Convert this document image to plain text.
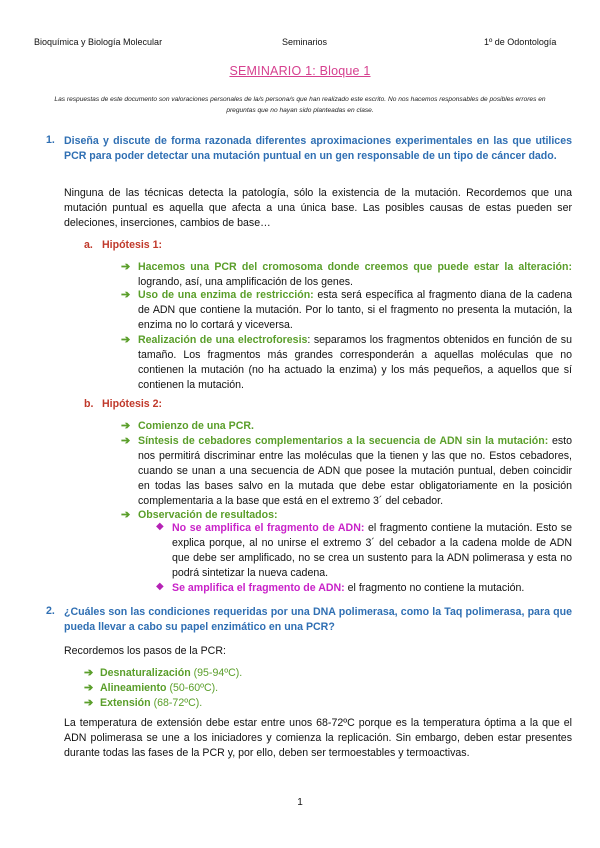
Bioquímica y Biología Molecular	Seminarios	1º de Odontología
SEMINARIO 1: Bloque 1
Las respuestas de este documento son valoraciones personales de la/s persona/s que han realizado este escrito. No nos hacemos responsables de posibles errores en preguntas que no hayan sido planteadas en clase.
1. Diseña y discute de forma razonada diferentes aproximaciones experimentales en las que utilices PCR para poder detectar una mutación puntual en un gen responsable de un tipo de cáncer dado.
Ninguna de las técnicas detecta la patología, sólo la existencia de la mutación. Recordemos que una mutación puntual es aquella que afecta a una única base. Las posibles causas de estas pueden ser deleciones, inserciones, cambios de base…
a. Hipótesis 1:
➔ Hacemos una PCR del cromosoma donde creemos que puede estar la alteración: logrando, así, una amplificación de los genes.
➔ Uso de una enzima de restricción: esta será específica al fragmento diana de la cadena de ADN que contiene la mutación. Por lo tanto, si el fragmento no presenta la mutación, la enzima no lo cortará y viceversa.
➔ Realización de una electroforesis: separamos los fragmentos obtenidos en función de su tamaño. Los fragmentos más grandes corresponderán a aquellas moléculas que no contienen la mutación (no ha actuado la enzima) y los más pequeños, a aquellos que sí contienen la mutación.
b. Hipótesis 2:
➔ Comienzo de una PCR.
➔ Síntesis de cebadores complementarios a la secuencia de ADN sin la mutación: esto nos permitirá discriminar entre las moléculas que la tienen y las que no. Estos cebadores, cuando se unan a una secuencia de ADN que posee la mutación puntual, deben coincidir en todas las bases salvo en la mutada que debe estar obligatoriamente en la posición complementaria a la base que está en el extremo 3´ del cebador.
➔ Observación de resultados:
◆ No se amplifica el fragmento de ADN: el fragmento contiene la mutación. Esto se explica porque, al no unirse el extremo 3´ del cebador a la cadena molde de ADN que debe ser amplificado, no se crea un sustento para la ADN polimerasa y esta no podrá sintetizar la nueva cadena.
◆ Se amplifica el fragmento de ADN: el fragmento no contiene la mutación.
2. ¿Cuáles son las condiciones requeridas por una DNA polimerasa, como la Taq polimerasa, para que pueda llevar a cabo su papel enzimático en una PCR?
Recordemos los pasos de la PCR:
➔ Desnaturalización (95-94ºC).
➔ Alineamiento (50-60ºC).
➔ Extensión (68-72ºC).
La temperatura de extensión debe estar entre unos 68-72ºC porque es la temperatura óptima a la que el ADN polimerasa se une a los iniciadores y comienza la replicación. Sin embargo, deben estar presentes durante todas las fases de la PCR y, por ello, deben ser termoestables y termoactivas.
1
